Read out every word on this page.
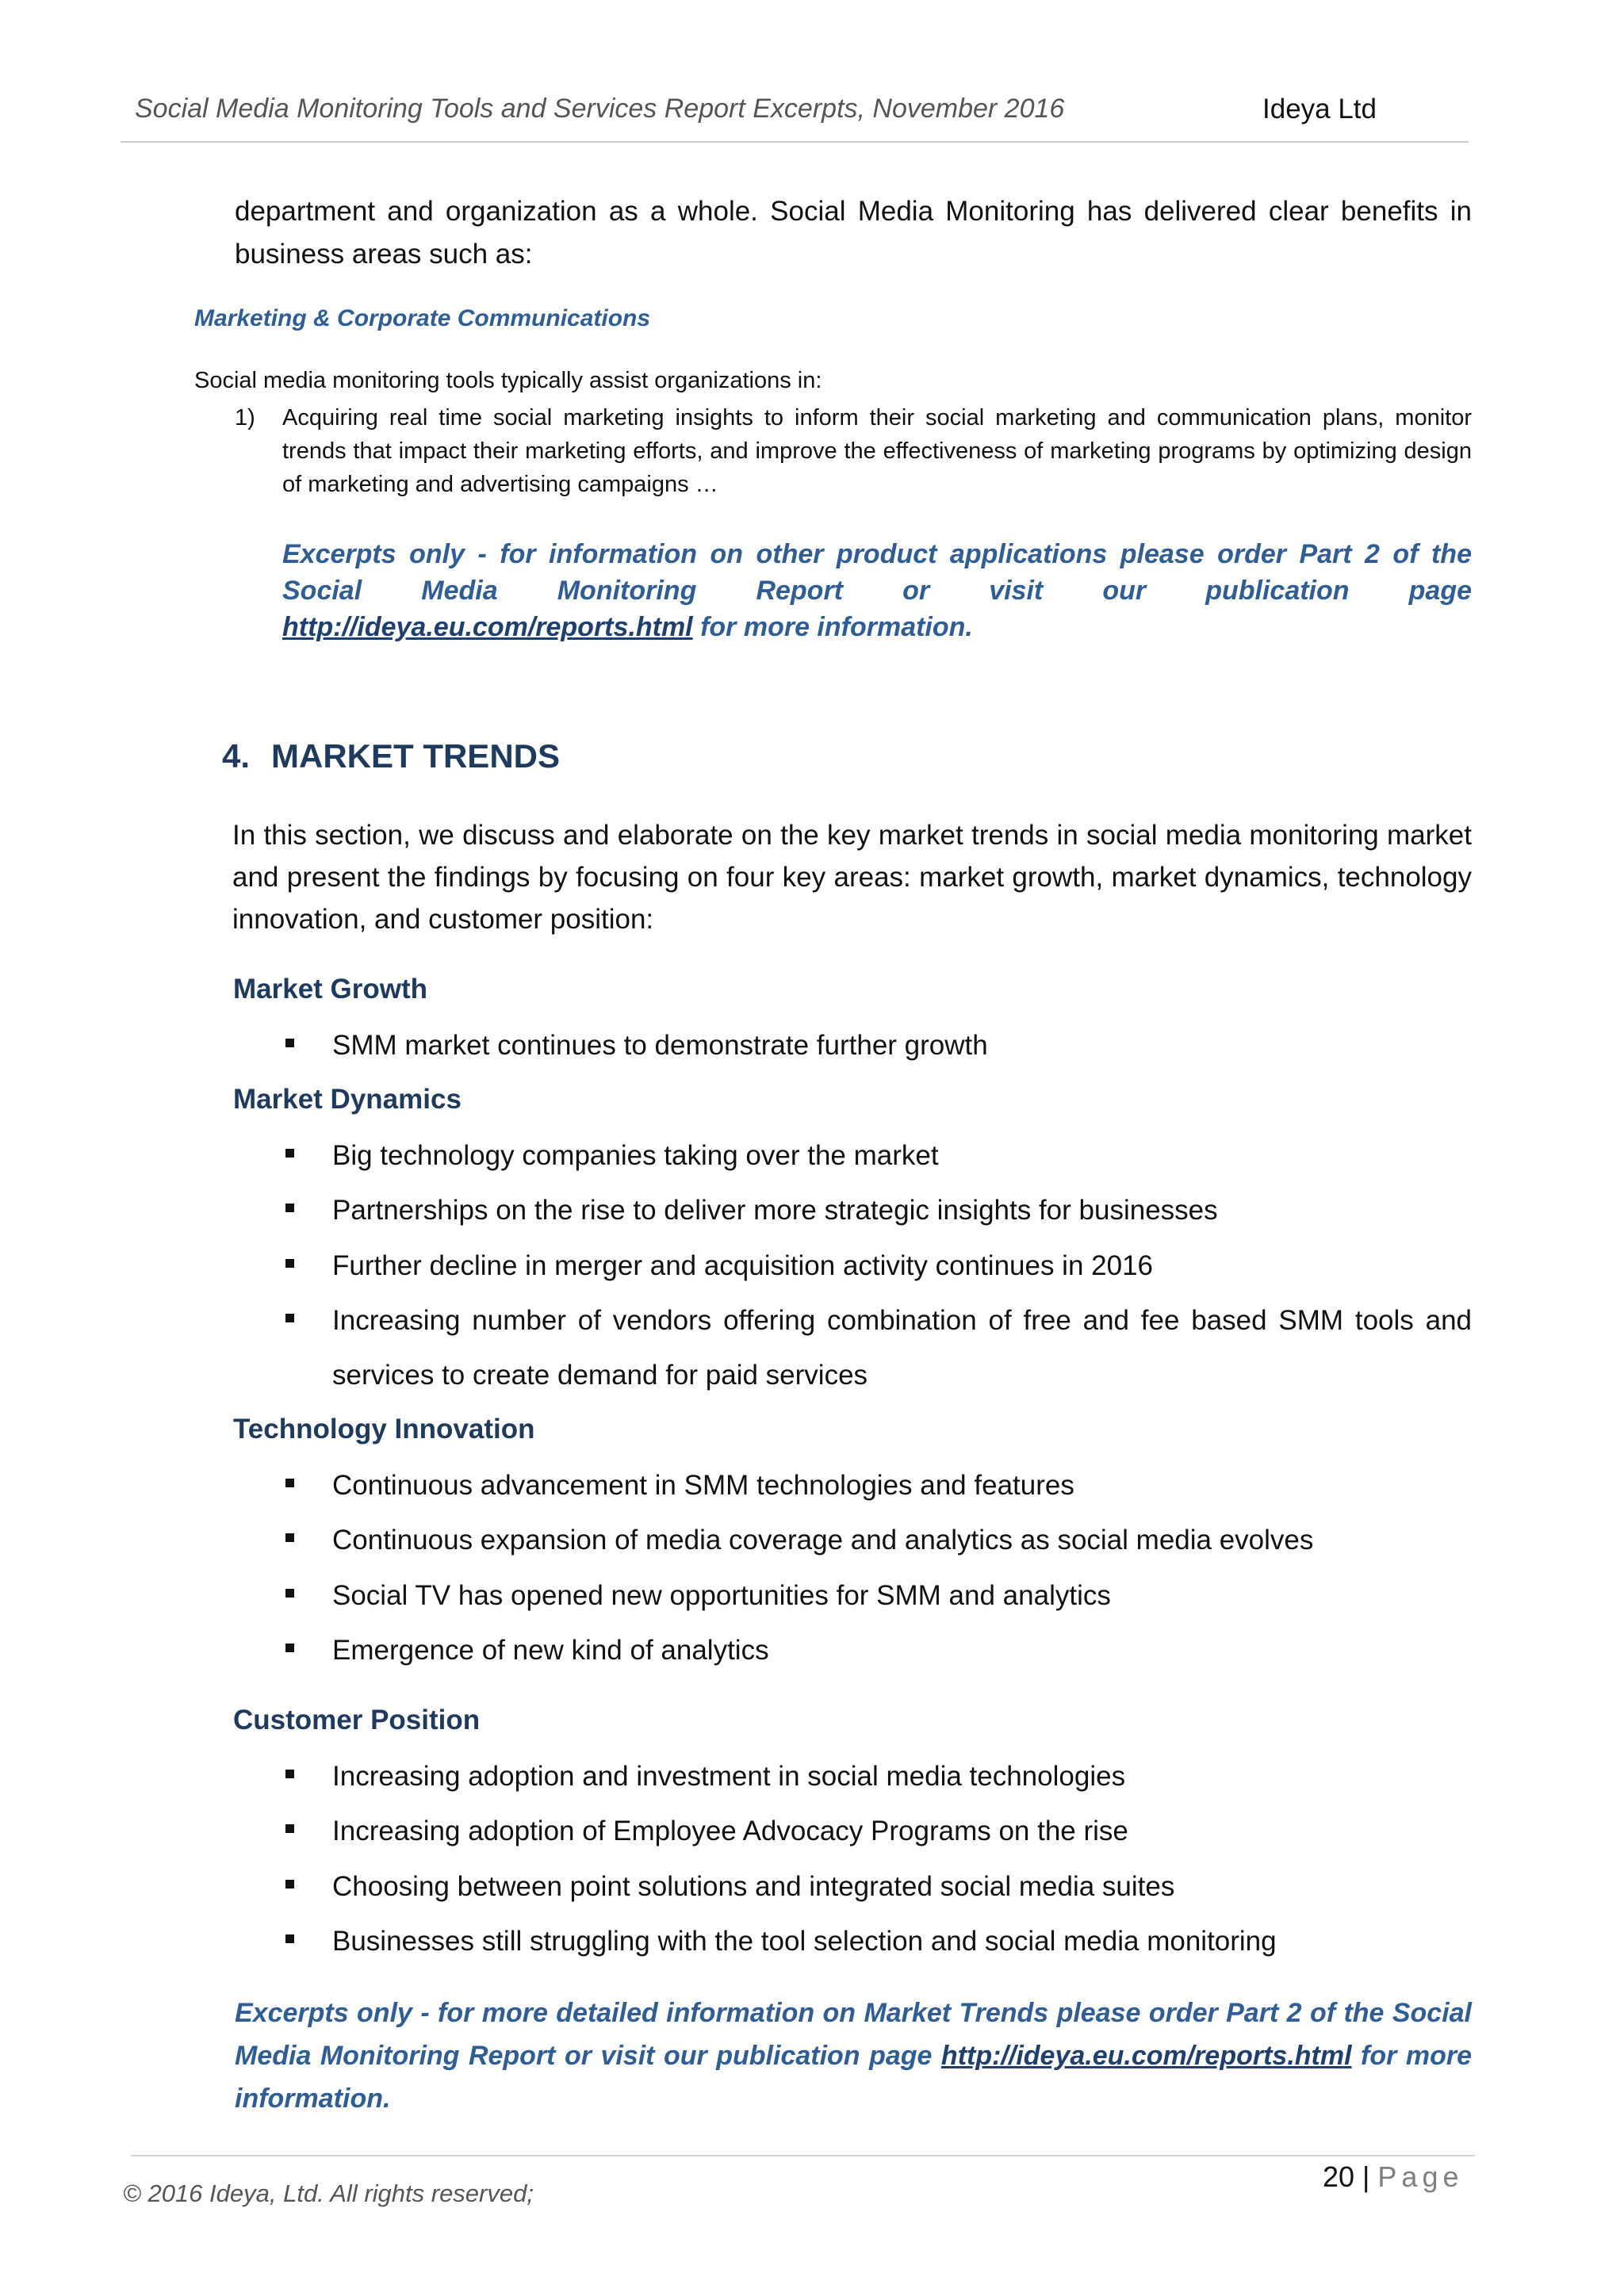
Social Media Monitoring Tools and Services Report Excerpts, November 2016	Ideya Ltd
department and organization as a whole. Social Media Monitoring has delivered clear benefits in business areas such as:
Marketing & Corporate Communications
Social media monitoring tools typically assist organizations in:
1) Acquiring real time social marketing insights to inform their social marketing and communication plans, monitor trends that impact their marketing efforts, and improve the effectiveness of marketing programs by optimizing design of marketing and advertising campaigns …
Excerpts only - for information on other product applications please order Part 2 of the Social Media Monitoring Report or visit our publication page http://ideya.eu.com/reports.html for more information.
4. MARKET TRENDS
In this section, we discuss and elaborate on the key market trends in social media monitoring market and present the findings by focusing on four key areas: market growth, market dynamics, technology innovation, and customer position:
Market Growth
SMM market continues to demonstrate further growth
Market Dynamics
Big technology companies taking over the market
Partnerships on the rise to deliver more strategic insights for businesses
Further decline in merger and acquisition activity continues in 2016
Increasing number of vendors offering combination of free and fee based SMM tools and services to create demand for paid services
Technology Innovation
Continuous advancement in SMM technologies and features
Continuous expansion of media coverage and analytics as social media evolves
Social TV has opened new opportunities for SMM and analytics
Emergence of new kind of analytics
Customer Position
Increasing adoption and investment in social media technologies
Increasing adoption of Employee Advocacy Programs on the rise
Choosing between point solutions and integrated social media suites
Businesses still struggling with the tool selection and social media monitoring
Excerpts only - for more detailed information on Market Trends please order Part 2 of the Social Media Monitoring Report or visit our publication page http://ideya.eu.com/reports.html for more information.
20 | Page
© 2016 Ideya, Ltd. All rights reserved;
